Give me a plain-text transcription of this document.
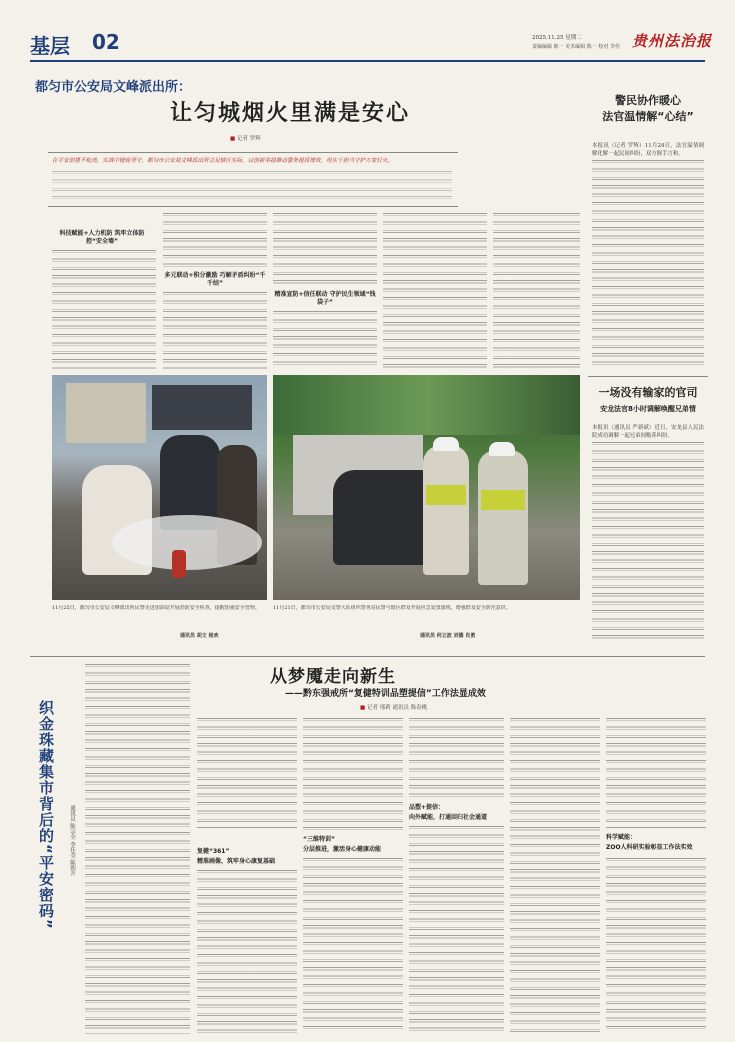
基层 02	2025.11.25 星期二
责编编辑 陈一 美术编辑 陈一 校对 李佳 贵州法治报
都匀市公安局文峰派出所：
让匀城烟火里满是安心
■ 记者 罗辉
在平安创建不松劲，实战中锤炼坚守，都匀市公安局文峰派出所立足辖区实际，以创新举措推动警务提质增效，用实干担当守护万家灯火。
科技赋能+人力机防 筑牢立体防控“安全墙”
多元联动+积分激励 巧解矛盾纠纷“千千结”
精准宣防+信任联动 守护民生领域“钱袋子”
11月25日，都匀市公安局文峰派出所民警走进加油站开展消防安全检查，提醒加强安全管理。
通讯员 胡文 杨欢
11月21日，都匀市公安局交警大队组织警务站民警与辖区群众开展应急处置演练，增强群众安全防范意识。
通讯员 何立波 刘德 肖勇
警民协作暖心
法官温情解“心结”
本报讯（记者 罗辉）11月24日，法官温情调解化解一起民间纠纷，双方握手言和。
一场没有输家的官司
安龙法官8小时调解唤醒兄弟情
本报讯（通讯员 严新斌）近日，安龙县人民法院成功调解一起兄弟间赡养纠纷。
织金珠藏集市背后的“平安密码”	通讯员 陈宗全 李佳莹 陈朝升
从梦魇走向新生
——黔东强戒所“复健特训品塑提信”工作法显成效
■ 记者 邢莉 通讯员 陈春桃
复健“361”
精准画像，筑牢身心康复基础
“三维特训”
分层推进，激活身心健康动能
品塑+提信：
向外赋能，打通回归社会通道
科学赋能：
ZOO人科研实验彰显工作法实效
